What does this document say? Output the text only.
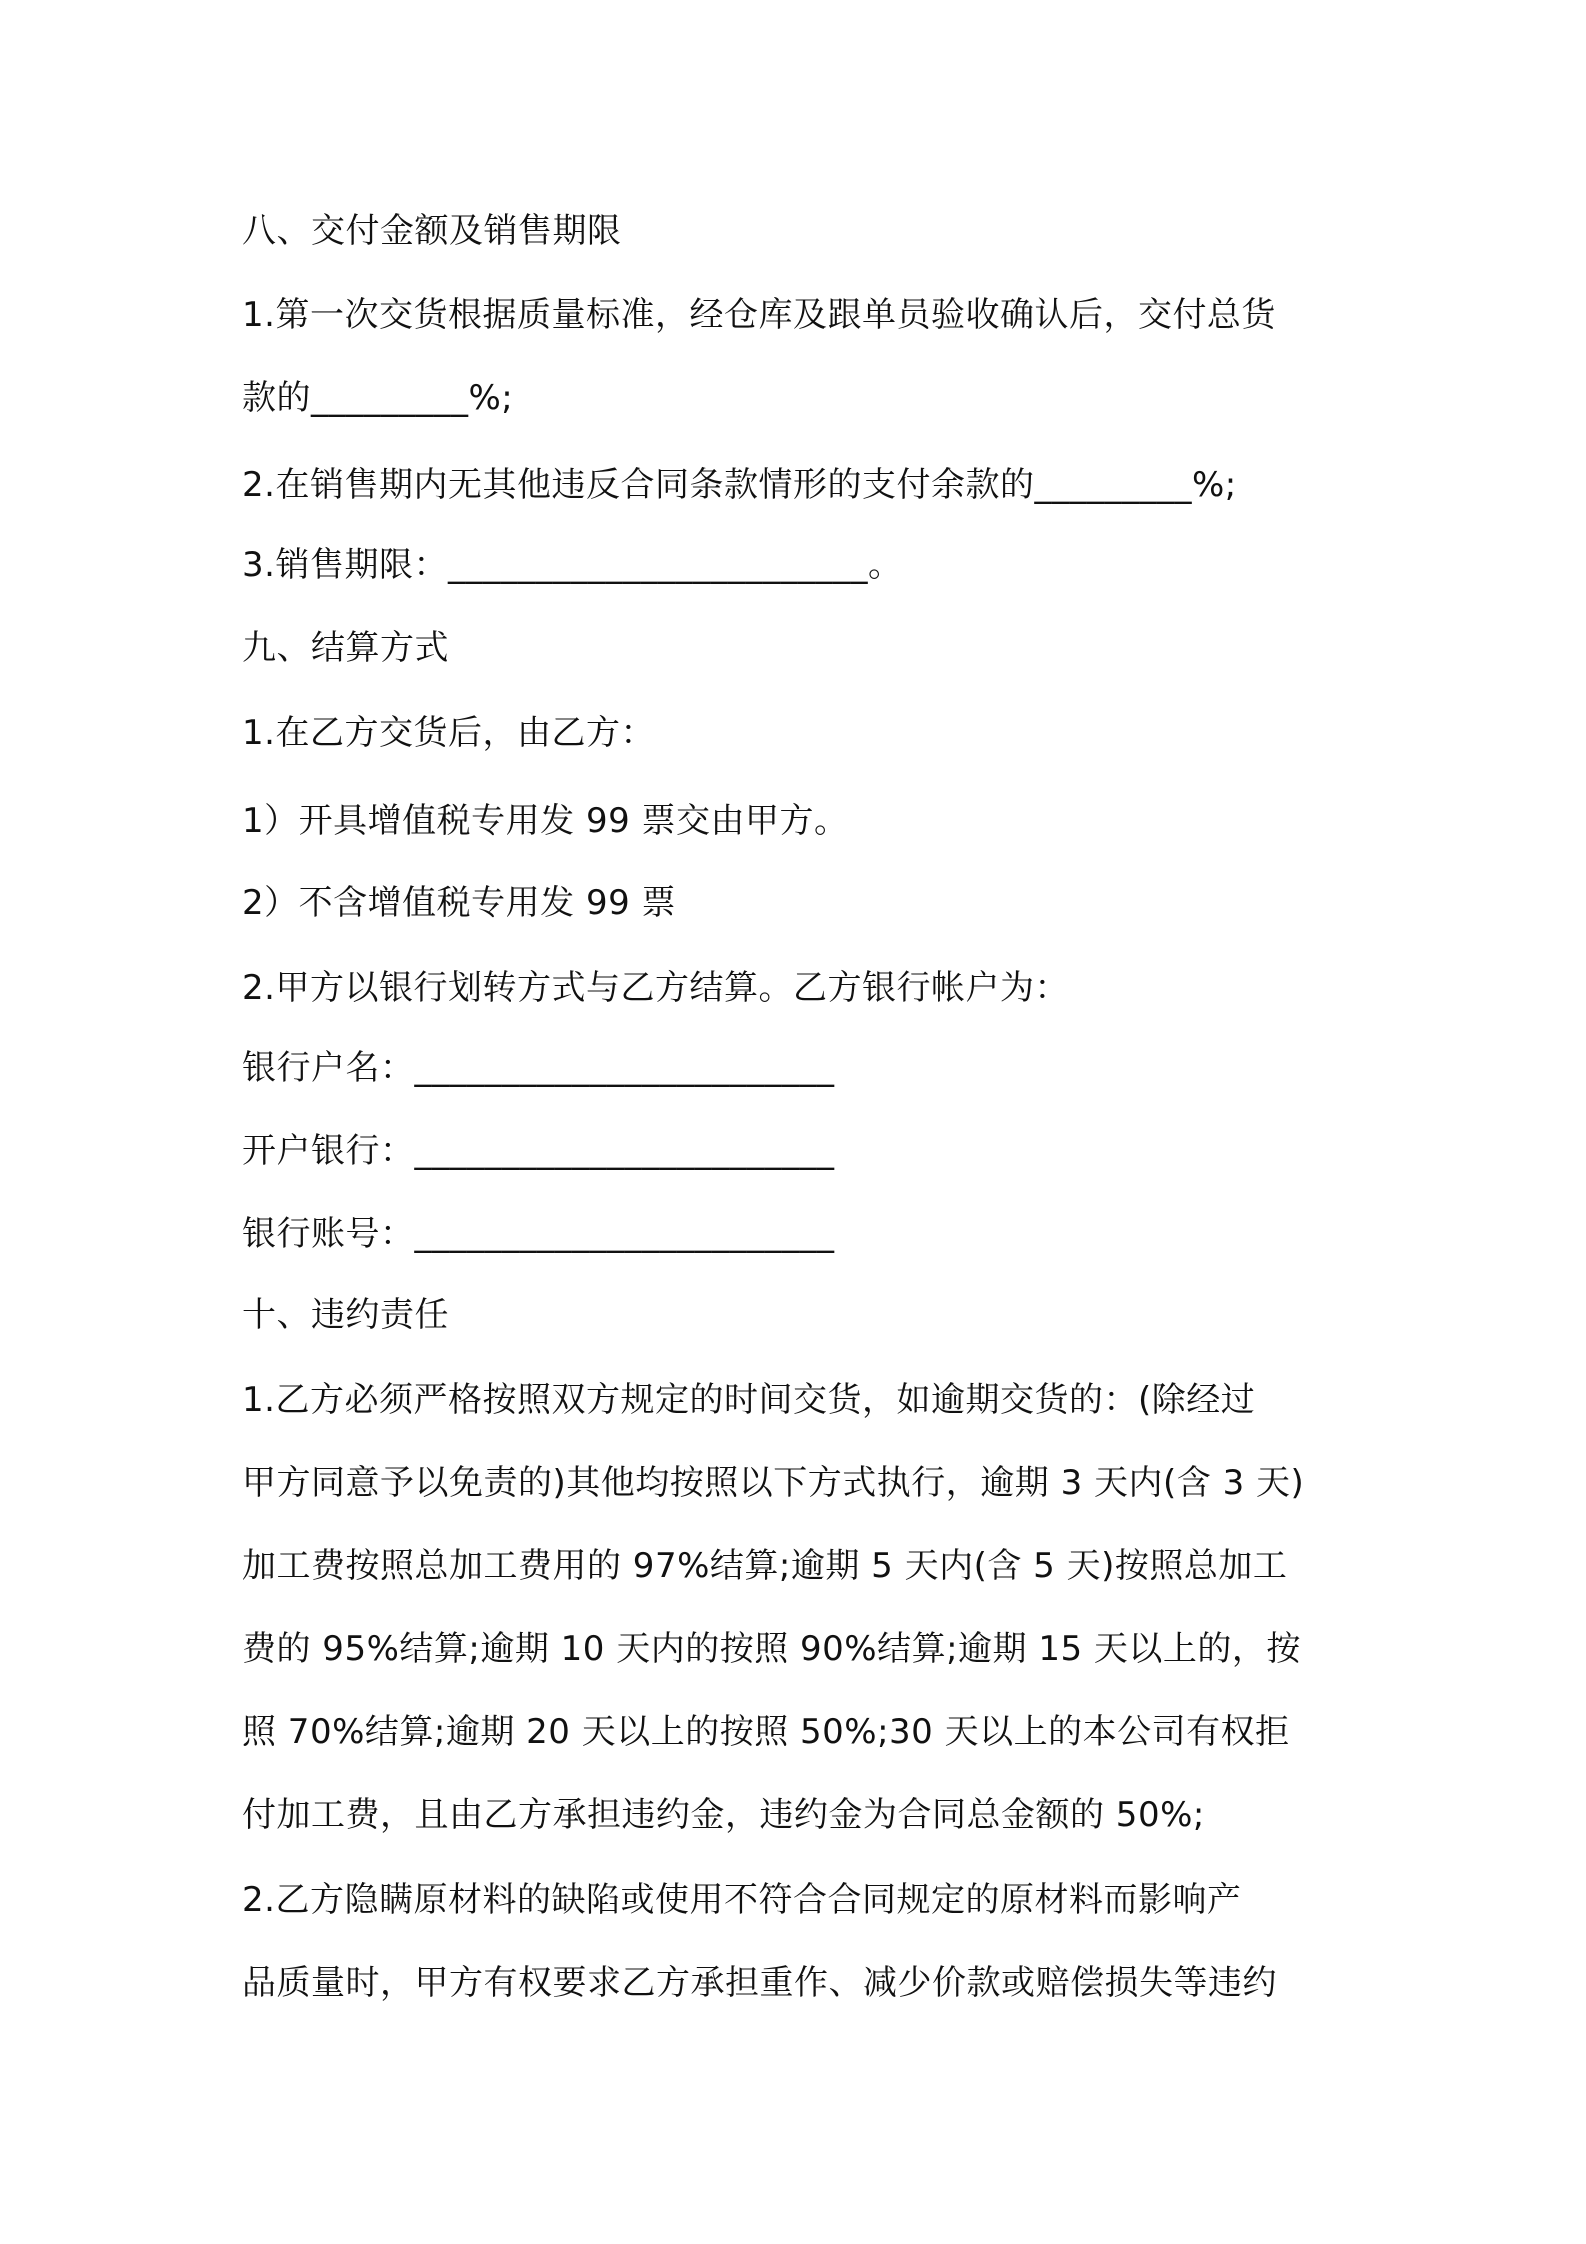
八、交付金额及销售期限
1.第一次交货根据质量标准，经仓库及跟单员验收确认后，交付总货
款的_________%;
2.在销售期内无其他违反合同条款情形的支付余款的_________%;
3.销售期限：________________________。
九、结算方式
1.在乙方交货后，由乙方：
1）开具增值税专用发 99 票交由甲方。
2）不含增值税专用发 99 票
2.甲方以银行划转方式与乙方结算。乙方银行帐户为：
银行户名：________________________
开户银行：________________________
银行账号：________________________
十、违约责任
1.乙方必须严格按照双方规定的时间交货，如逾期交货的：(除经过
甲方同意予以免责的)其他均按照以下方式执行，逾期 3 天内(含 3 天)
加工费按照总加工费用的 97%结算;逾期 5 天内(含 5 天)按照总加工
费的 95%结算;逾期 10 天内的按照 90%结算;逾期 15 天以上的，按
照 70%结算;逾期 20 天以上的按照 50%;30 天以上的本公司有权拒
付加工费，且由乙方承担违约金，违约金为合同总金额的 50%;
2.乙方隐瞒原材料的缺陷或使用不符合合同规定的原材料而影响产
品质量时，甲方有权要求乙方承担重作、减少价款或赔偿损失等违约
